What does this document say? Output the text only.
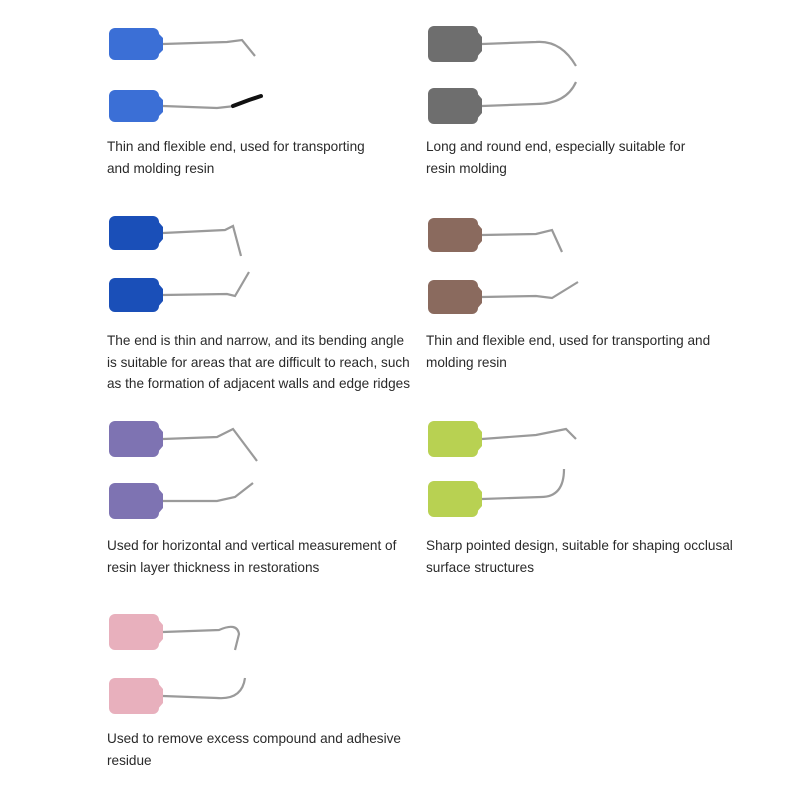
Thin and flexible end, used for transporting
and molding resin

Long and round end, especially suitable for
resin molding

The end is thin and narrow, and its bending angle
is suitable for areas that are difficult to reach, such
as the formation of adjacent walls and edge ridges

Thin and flexible end, used for transporting and
molding resin

Used for horizontal and vertical measurement of
resin layer thickness in restorations

Sharp pointed design, suitable for shaping occlusal
surface structures

Used to remove excess compound and adhesive
residue
